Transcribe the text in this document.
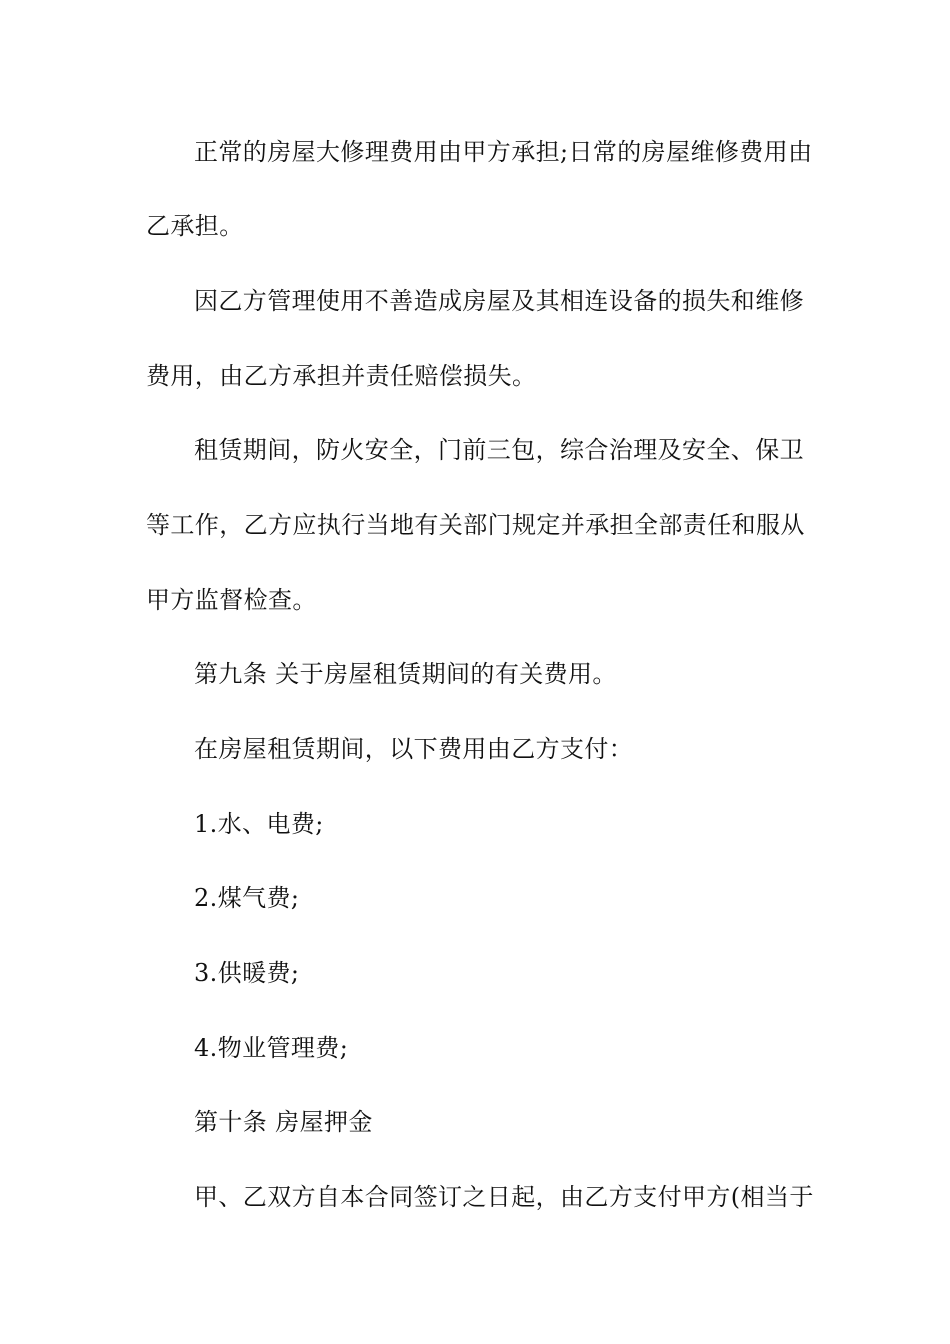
正常的房屋大修理费用由甲方承担;日常的房屋维修费用由
乙承担。
因乙方管理使用不善造成房屋及其相连设备的损失和维修
费用，由乙方承担并责任赔偿损失。
租赁期间，防火安全，门前三包，综合治理及安全、保卫
等工作，乙方应执行当地有关部门规定并承担全部责任和服从
甲方监督检查。
第九条 关于房屋租赁期间的有关费用。
在房屋租赁期间，以下费用由乙方支付：
1.水、电费;
2.煤气费;
3.供暖费;
4.物业管理费;
第十条 房屋押金
甲、乙双方自本合同签订之日起，由乙方支付甲方(相当于
